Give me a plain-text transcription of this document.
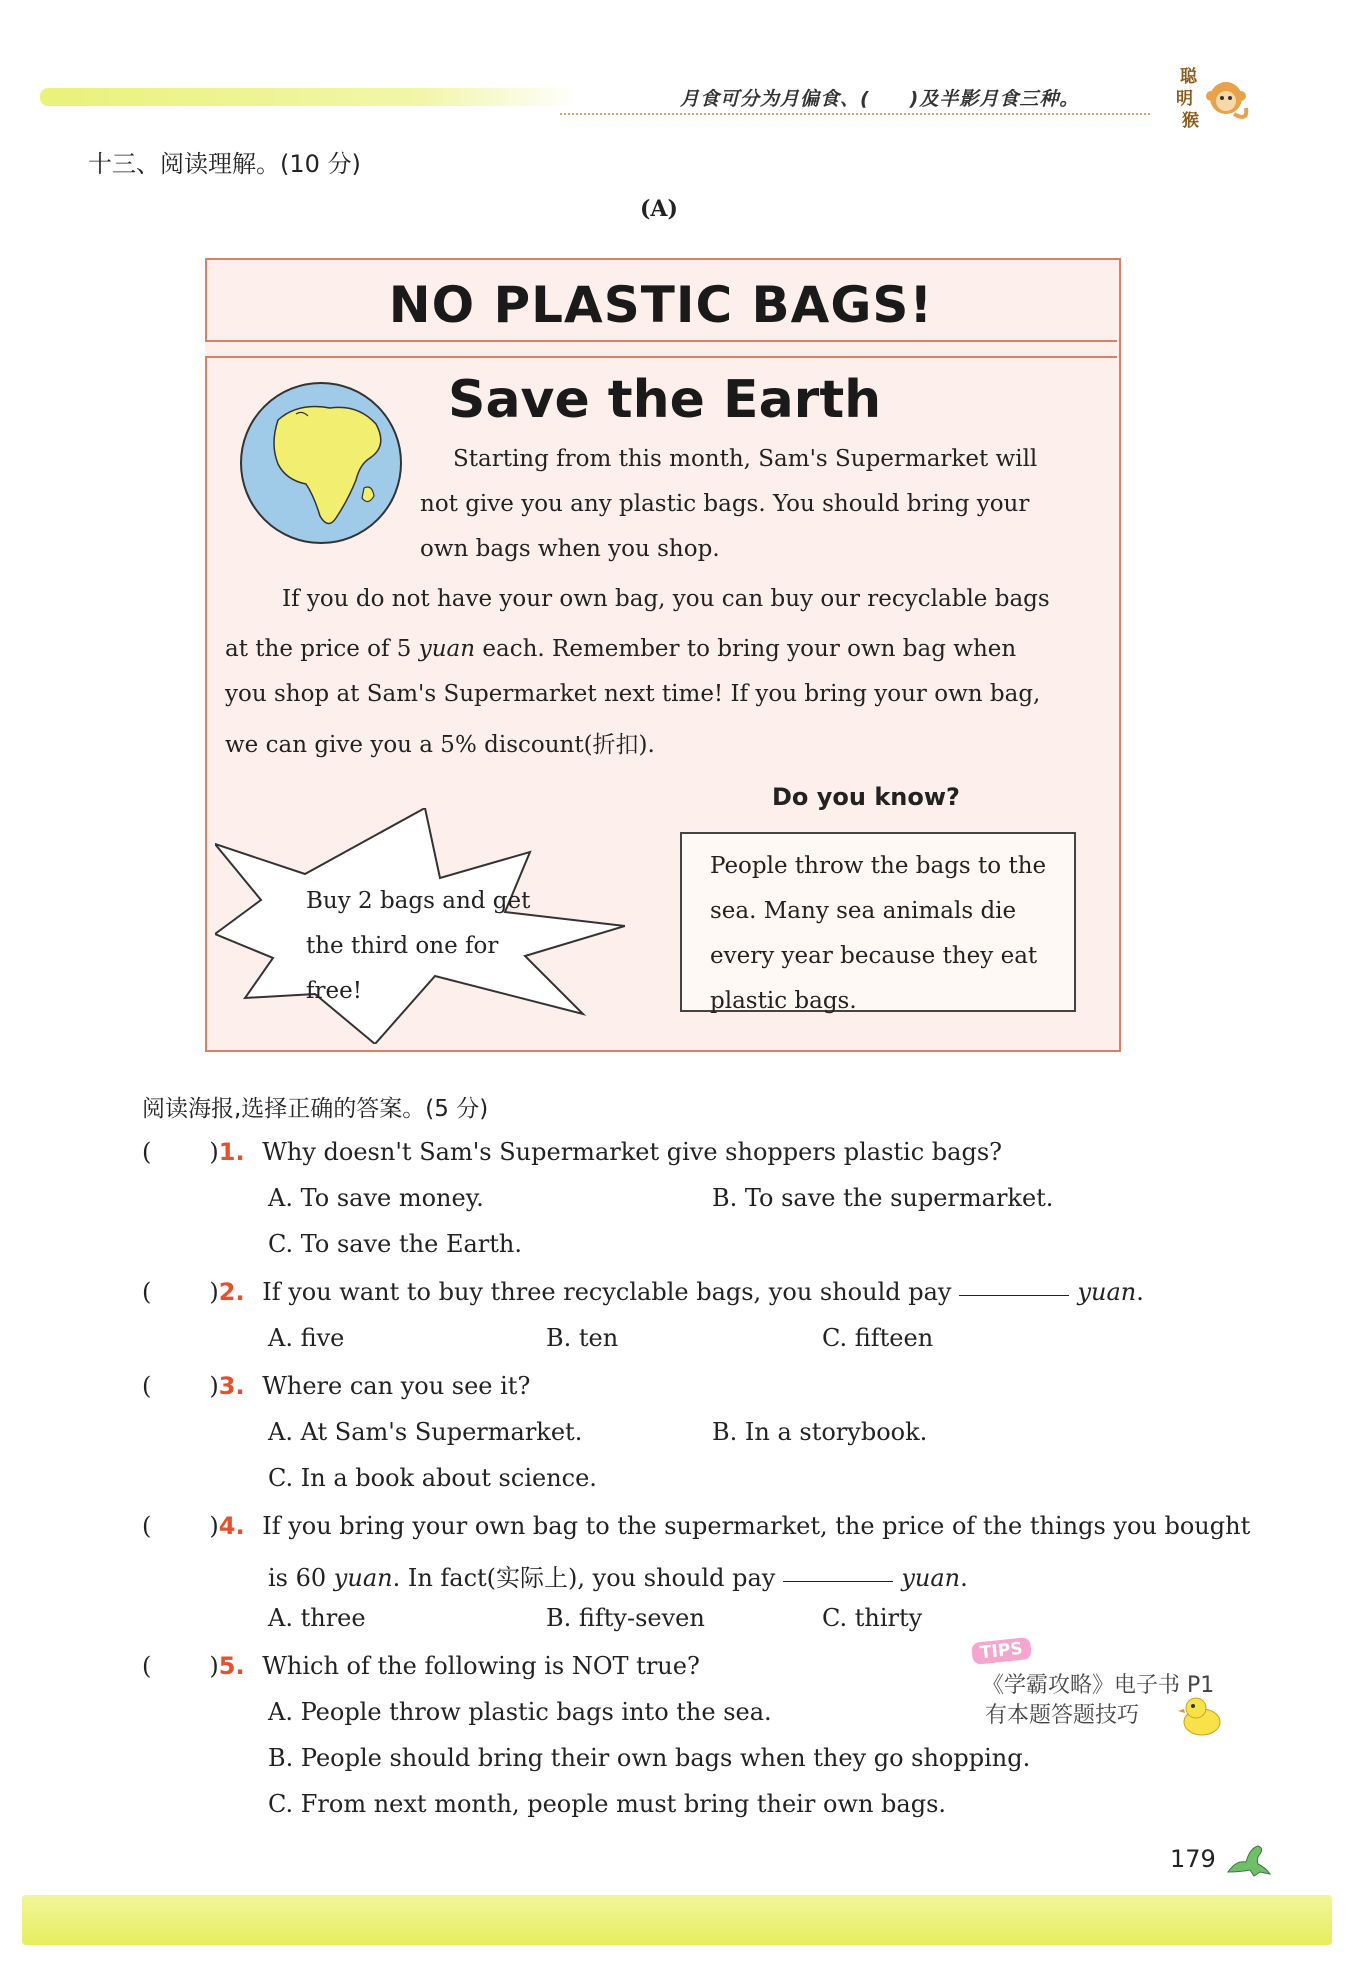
月食可分为月偏食、(　　)及半影月食三种。
聪
明
猴
十三、阅读理解。(10 分)
(A)
NO PLASTIC BAGS!
Save the Earth
Starting from this month, Sam's Supermarket will
not give you any plastic bags. You should bring your
own bags when you shop.
If you do not have your own bag, you can buy our recyclable bags
at the price of 5 yuan each. Remember to bring your own bag when
you shop at Sam's Supermarket next time! If you bring your own bag,
we can give you a 5% discount(折扣).
Buy 2 bags and get
the third one for
free!
Do you know?
People throw the bags to the
sea. Many sea animals die
every year because they eat
plastic bags.
阅读海报,选择正确的答案。(5 分)
( )1. Why doesn't Sam's Supermarket give shoppers plastic bags?
A. To save money.	B. To save the supermarket.
C. To save the Earth.
( )2. If you want to buy three recyclable bags, you should pay	yuan.
A. five	B. ten	C. fifteen
( )3. Where can you see it?
A. At Sam's Supermarket.	B. In a storybook.
C. In a book about science.
( )4. If you bring your own bag to the supermarket, the price of the things you bought
is 60 yuan. In fact(实际上), you should pay	yuan.
A. three	B. fifty-seven	C. thirty
( )5. Which of the following is NOT true?
A. People throw plastic bags into the sea.
B. People should bring their own bags when they go shopping.
C. From next month, people must bring their own bags.
TIPS
《学霸攻略》电子书 P1
有本题答题技巧
179
